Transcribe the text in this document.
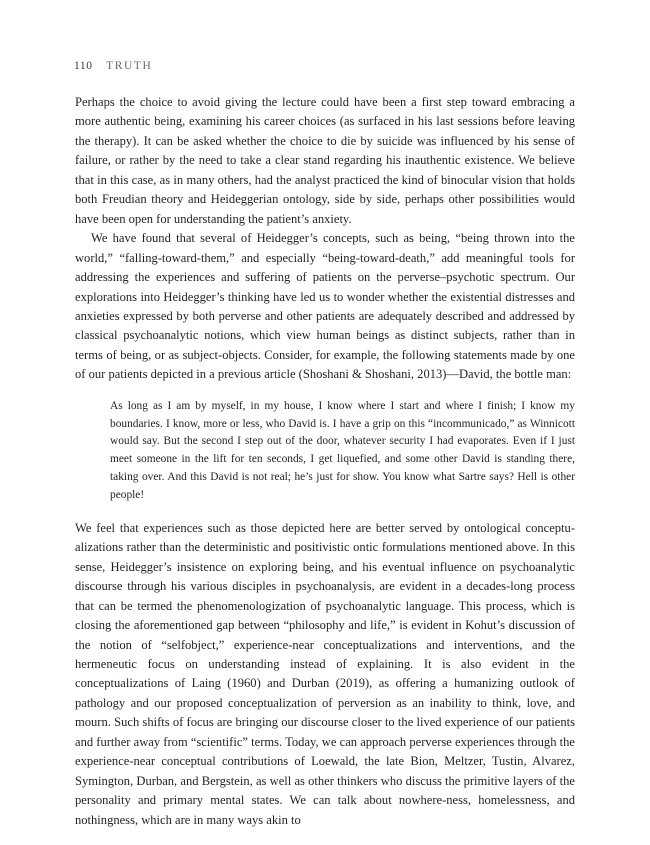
110 TRUTH

Perhaps the choice to avoid giving the lecture could have been a first step toward embracing a more authentic being, examining his career choices (as surfaced in his last sessions before leaving the therapy). It can be asked whether the choice to die by suicide was influenced by his sense of failure, or rather by the need to take a clear stand regarding his inauthentic existence. We believe that in this case, as in many others, had the analyst practiced the kind of binocular vision that holds both Freudian theory and Heideggerian ontology, side by side, perhaps other possibilities would have been open for understanding the patient’s anxiety.

We have found that several of Heidegger’s concepts, such as being, “being thrown into the world,” “falling-toward-them,” and especially “being-toward-death,” add meaningful tools for addressing the experiences and suffering of patients on the perverse–psychotic spectrum. Our explorations into Heidegger’s thinking have led us to wonder whether the existential distresses and anxieties expressed by both perverse and other patients are adequately described and addressed by classical psychoanalytic notions, which view human beings as distinct subjects, rather than in terms of being, or as subject-objects. Consider, for example, the following statements made by one of our patients depicted in a previous article (Shoshani & Shoshani, 2013)—David, the bottle man:

As long as I am by myself, in my house, I know where I start and where I finish; I know my boundaries. I know, more or less, who David is. I have a grip on this “incommunicado,” as Winnicott would say. But the second I step out of the door, whatever security I had evaporates. Even if I just meet someone in the lift for ten seconds, I get liquefied, and some other David is standing there, taking over. And this David is not real; he’s just for show. You know what Sartre says? Hell is other people!

We feel that experiences such as those depicted here are better served by ontological conceptualizations rather than the deterministic and positivistic ontic formulations mentioned above. In this sense, Heidegger’s insistence on exploring being, and his eventual influence on psychoanalytic discourse through his various disciples in psychoanalysis, are evident in a decades-long process that can be termed the phenomenologization of psychoanalytic language. This process, which is closing the aforementioned gap between “philosophy and life,” is evident in Kohut’s discussion of the notion of “selfobject,” experience-near conceptualizations and interventions, and the hermeneutic focus on understanding instead of explaining. It is also evident in the conceptualizations of Laing (1960) and Durban (2019), as offering a humanizing outlook of pathology and our proposed conceptualization of perversion as an inability to think, love, and mourn. Such shifts of focus are bringing our discourse closer to the lived experience of our patients and further away from “scientific” terms. Today, we can approach perverse experiences through the experience-near conceptual contributions of Loewald, the late Bion, Meltzer, Tustin, Alvarez, Symington, Durban, and Bergstein, as well as other thinkers who discuss the primitive layers of the personality and primary mental states. We can talk about nowhere-ness, homelessness, and nothingness, which are in many ways akin to
